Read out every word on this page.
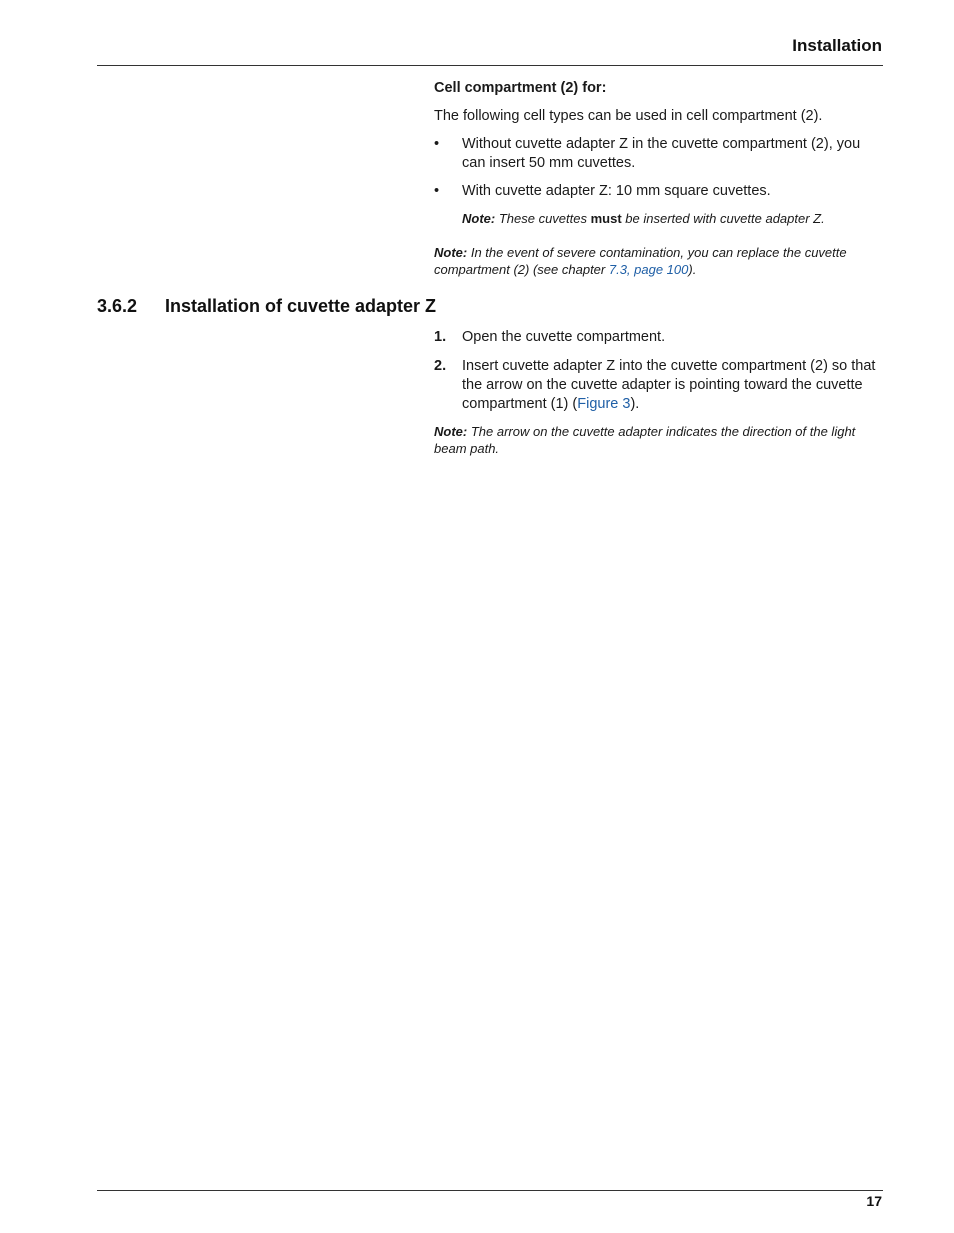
Installation

Cell compartment (2) for:

The following cell types can be used in cell compartment (2).

• Without cuvette adapter Z in the cuvette compartment (2), you can insert 50 mm cuvettes.
• With cuvette adapter Z: 10 mm square cuvettes.
Note: These cuvettes must be inserted with cuvette adapter Z.
Note: In the event of severe contamination, you can replace the cuvette compartment (2) (see chapter 7.3, page 100).
3.6.2 Installation of cuvette adapter Z
1. Open the cuvette compartment.
2. Insert cuvette adapter Z into the cuvette compartment (2) so that the arrow on the cuvette adapter is pointing toward the cuvette compartment (1) (Figure 3).
Note: The arrow on the cuvette adapter indicates the direction of the light beam path.
17
